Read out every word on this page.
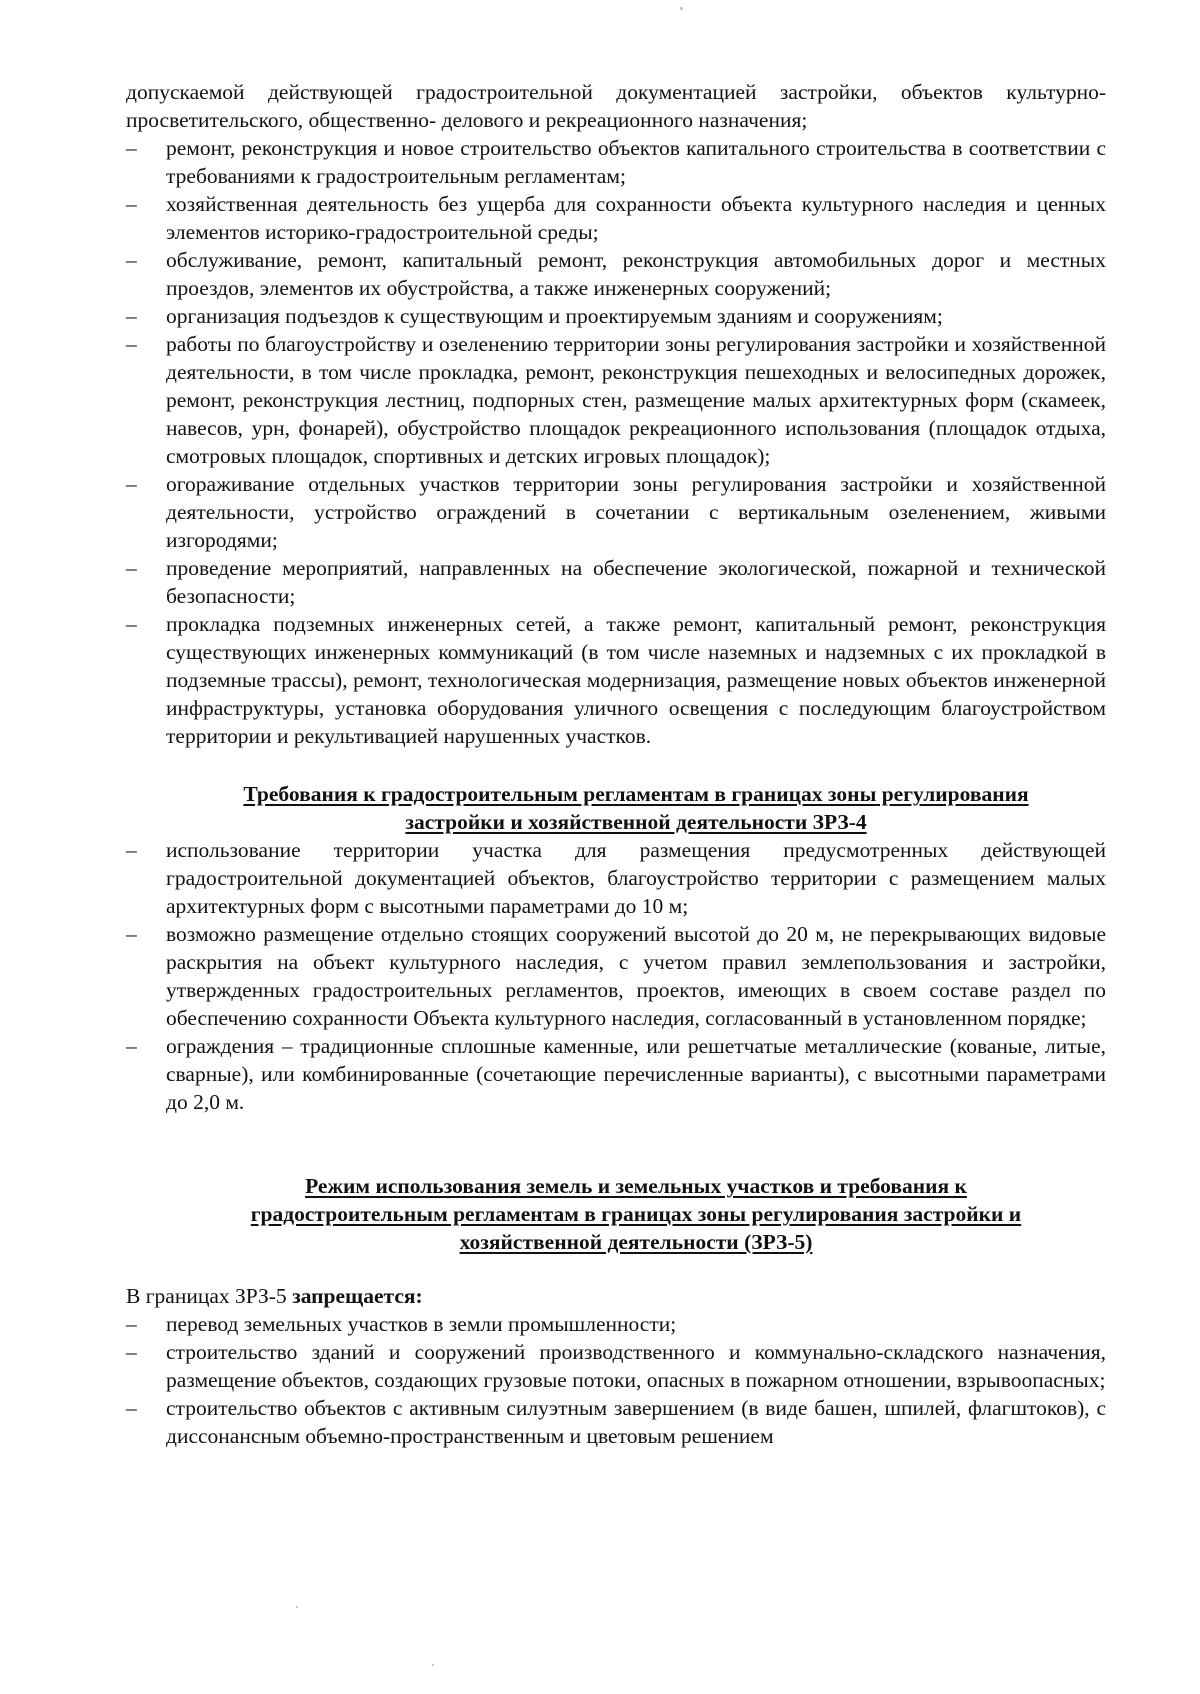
допускаемой действующей градостроительной документацией застройки, объектов культурно-просветительского, общественно- делового и рекреационного назначения;

– ремонт, реконструкция и новое строительство объектов капитального строительства в соответствии с требованиями к градостроительным регламентам;
– хозяйственная деятельность без ущерба для сохранности объекта культурного наследия и ценных элементов историко-градостроительной среды;
– обслуживание, ремонт, капитальный ремонт, реконструкция автомобильных дорог и местных проездов, элементов их обустройства, а также инженерных сооружений;
– организация подъездов к существующим и проектируемым зданиям и сооружениям;
– работы по благоустройству и озеленению территории зоны регулирования застройки и хозяйственной деятельности, в том числе прокладка, ремонт, реконструкция пешеходных и велосипедных дорожек, ремонт, реконструкция лестниц, подпорных стен, размещение малых архитектурных форм (скамеек, навесов, урн, фонарей), обустройство площадок рекреационного использования (площадок отдыха, смотровых площадок, спортивных и детских игровых площадок);
– огораживание отдельных участков территории зоны регулирования застройки и хозяйственной деятельности, устройство ограждений в сочетании с вертикальным озеленением, живыми изгородями;
– проведение мероприятий, направленных на обеспечение экологической, пожарной и технической безопасности;
– прокладка подземных инженерных сетей, а также ремонт, капитальный ремонт, реконструкция существующих инженерных коммуникаций (в том числе наземных и надземных с их прокладкой в подземные трассы), ремонт, технологическая модернизация, размещение новых объектов инженерной инфраструктуры, установка оборудования уличного освещения с последующим благоустройством территории и рекультивацией нарушенных участков.
Требования к градостроительным регламентам в границах зоны регулирования
застройки и хозяйственной деятельности ЗРЗ-4
– использование территории участка для размещения предусмотренных действующей градостроительной документацией объектов, благоустройство территории с размещением малых архитектурных форм с высотными параметрами до 10 м;
– возможно размещение отдельно стоящих сооружений высотой до 20 м, не перекрывающих видовые раскрытия на объект культурного наследия, с учетом правил землепользования и застройки, утвержденных градостроительных регламентов, проектов, имеющих в своем составе раздел по обеспечению сохранности Объекта культурного наследия, согласованный в установленном порядке;
– ограждения – традиционные сплошные каменные, или решетчатые металлические (кованые, литые, сварные), или комбинированные (сочетающие перечисленные варианты), с высотными параметрами до 2,0 м.
Режим использования земель и земельных участков и требования к
градостроительным регламентам в границах зоны регулирования застройки и
хозяйственной деятельности (ЗРЗ-5)

В границах ЗРЗ-5 запрещается:

– перевод земельных участков в земли промышленности;
– строительство зданий и сооружений производственного и коммунально-складского назначения, размещение объектов, создающих грузовые потоки, опасных в пожарном отношении, взрывоопасных;
– строительство объектов с активным силуэтным завершением (в виде башен, шпилей, флагштоков), с диссонансным объемно-пространственным и цветовым решением
